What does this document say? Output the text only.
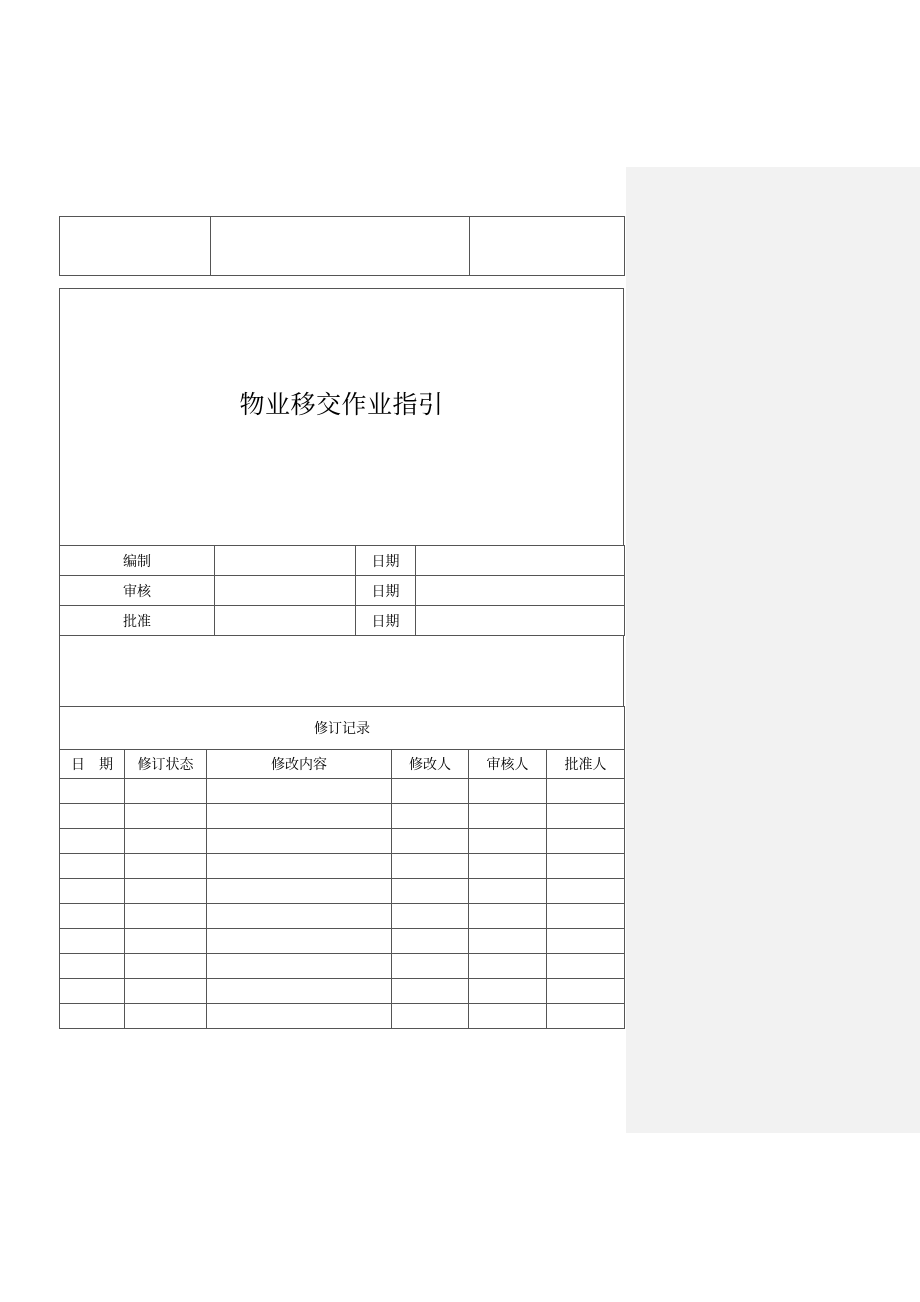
物业移交作业指引
编制		日期	
审核		日期	
批准		日期	
修订记录					
日　期	修订状态	修改内容	修改人	审核人	批准人
